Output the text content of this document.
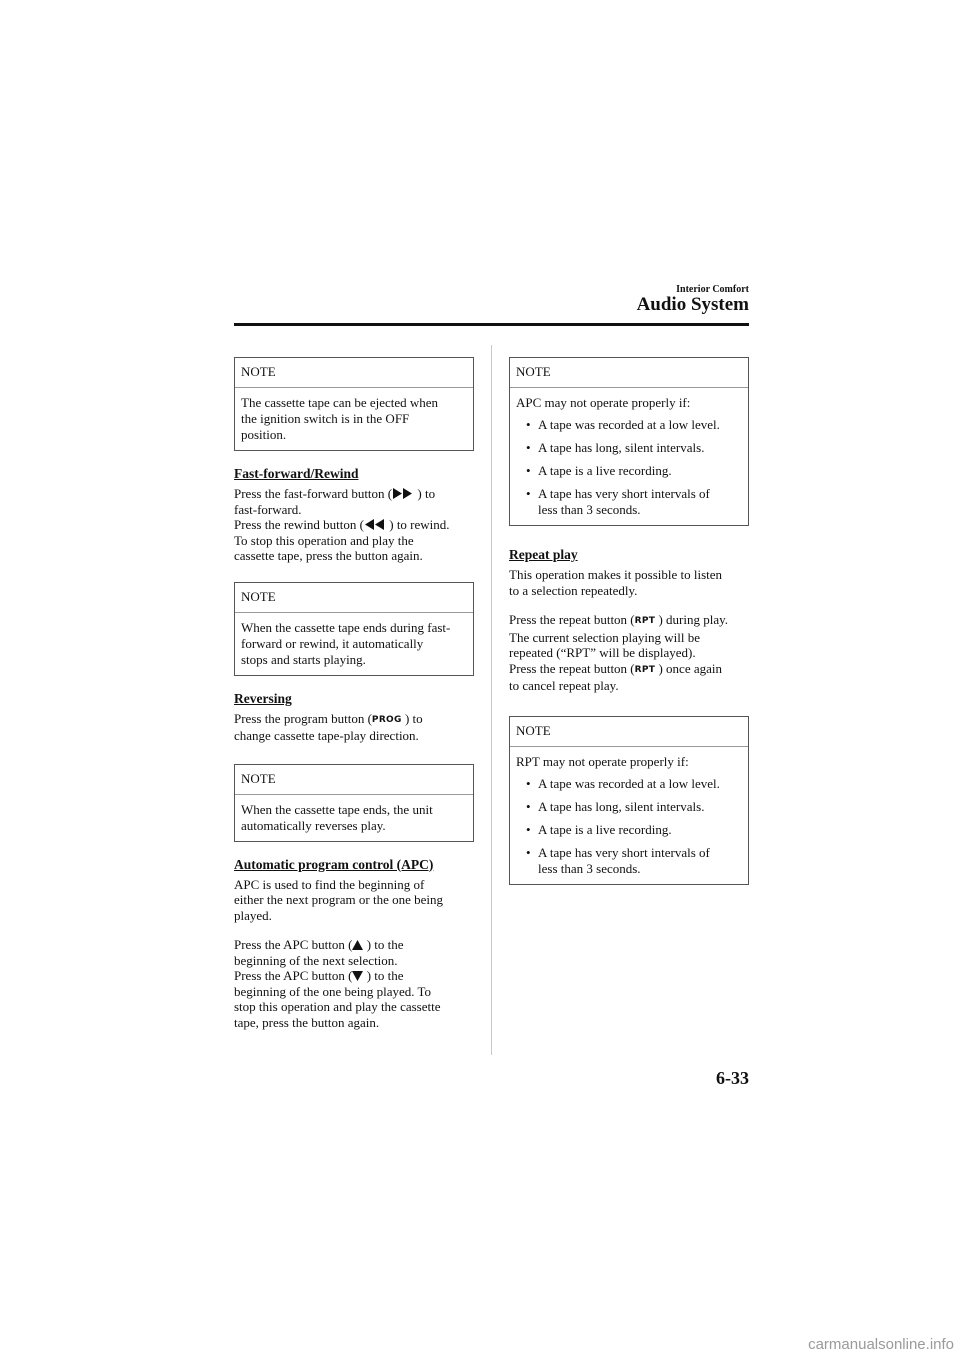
Interior Comfort
Audio System
NOTE

The cassette tape can be ejected when
the ignition switch is in the OFF
position.

Fast-forward/Rewind
Press the fast-forward button ( ) to
fast-forward.
Press the rewind button ( ) to rewind.
To stop this operation and play the
cassette tape, press the button again.
NOTE

When the cassette tape ends during fast-
forward or rewind, it automatically
stops and starts playing.

Reversing
Press the program button (PROG ) to
change cassette tape-play direction.
NOTE

When the cassette tape ends, the unit
automatically reverses play.

Automatic program control (APC)
APC is used to find the beginning of
either the next program or the one being
played.
Press the APC button ( ) to the
beginning of the next selection.
Press the APC button ( ) to the
beginning of the one being played. To
stop this operation and play the cassette
tape, press the button again.
NOTE

APC may not operate properly if:

• A tape was recorded at a low level.
• A tape has long, silent intervals.
• A tape is a live recording.
• A tape has very short intervals of
less than 3 seconds.
Repeat play
This operation makes it possible to listen
to a selection repeatedly.
Press the repeat button (RPT ) during play.
The current selection playing will be
repeated (“RPT” will be displayed).
Press the repeat button (RPT ) once again
to cancel repeat play.
NOTE

RPT may not operate properly if:

• A tape was recorded at a low level.
• A tape has long, silent intervals.
• A tape is a live recording.
• A tape has very short intervals of
less than 3 seconds.
6-33
carmanualsonline.info
